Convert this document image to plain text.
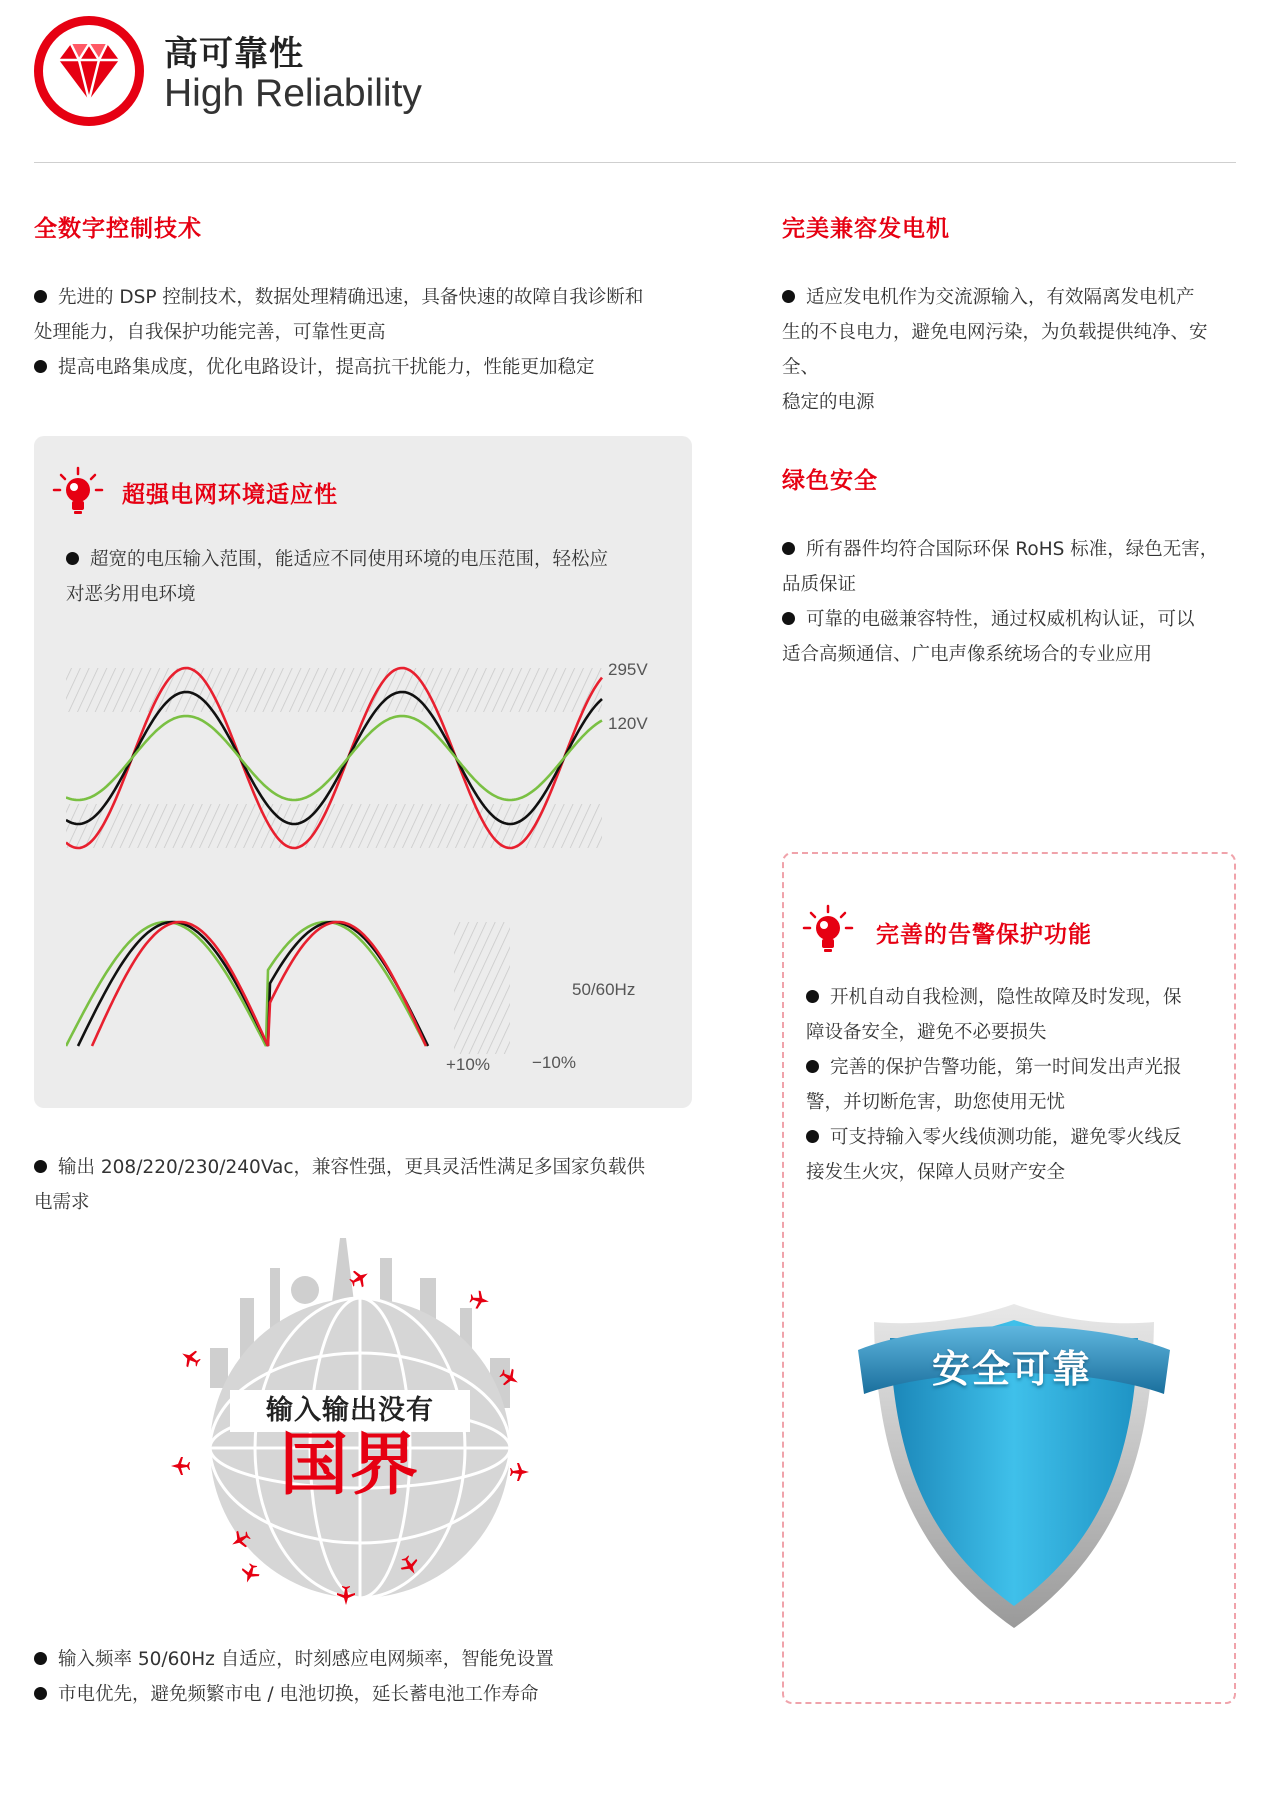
高可靠性
High Reliability
全数字控制技术
先进的 DSP 控制技术，数据处理精确迅速，具备快速的故障自我诊断和
处理能力，自我保护功能完善，可靠性更高
提高电路集成度，优化电路设计，提高抗干扰能力，性能更加稳定
完美兼容发电机
适应发电机作为交流源输入，有效隔离发电机产
生的不良电力，避免电网污染，为负载提供纯净、安全、
稳定的电源
超强电网环境适应性
超宽的电压输入范围，能适应不同使用环境的电压范围，轻松应
对恶劣用电环境
295V
120V
50/60Hz
+10% −10%
绿色安全
所有器件均符合国际环保 RoHS 标准，绿色无害，
品质保证
可靠的电磁兼容特性，通过权威机构认证，可以
适合高频通信、广电声像系统场合的专业应用
输出 208/220/230/240Vac，兼容性强，更具灵活性满足多国家负载供
电需求
输入输出没有
国界
输入频率 50/60Hz 自适应，时刻感应电网频率，智能免设置
市电优先，避免频繁市电 / 电池切换，延长蓄电池工作寿命
完善的告警保护功能
开机自动自我检测，隐性故障及时发现，保
障设备安全，避免不必要损失
完善的保护告警功能，第一时间发出声光报
警，并切断危害，助您使用无忧
可支持输入零火线侦测功能，避免零火线反
接发生火灾，保障人员财产安全
安全可靠
